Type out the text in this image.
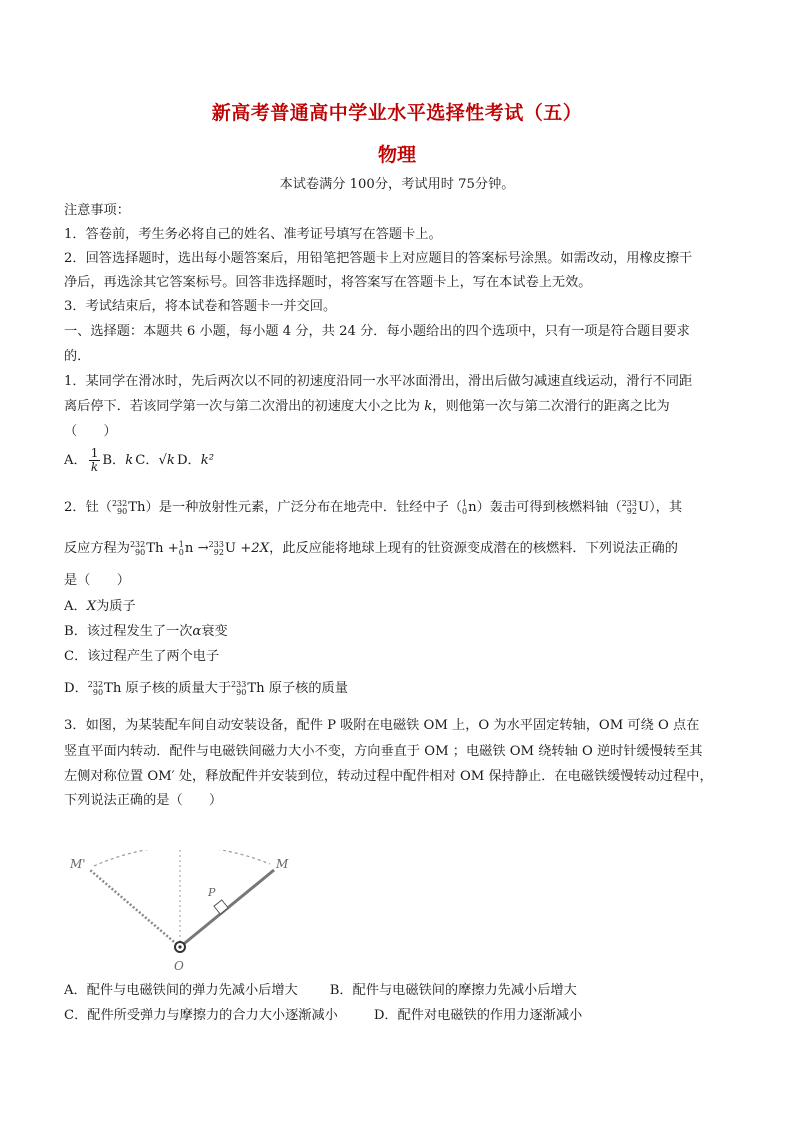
新高考普通高中学业水平选择性考试（五）
物理
本试卷满分 100分，考试用时 75分钟。
注意事项：
1．答卷前，考生务必将自己的姓名、准考证号填写在答题卡上。
2．回答选择题时，选出每小题答案后，用铅笔把答题卡上对应题目的答案标号涂黑。如需改动，用橡皮擦干
净后，再选涂其它答案标号。回答非选择题时，将答案写在答题卡上，写在本试卷上无效。
3．考试结束后，将本试卷和答题卡一并交回。
一、选择题：本题共 6 小题，每小题 4 分，共 24 分．每小题给出的四个选项中，只有一项是符合题目要求
的．
1．某同学在滑冰时，先后两次以不同的初速度沿同一水平冰面滑出，滑出后做匀减速直线运动，滑行不同距
离后停下．若该同学第一次与第二次滑出的初速度大小之比为 k，则他第一次与第二次滑行的距离之比为
（　　）
A． $\frac{1}{k}$ B．k C．√k D．k²
2．钍（ 232
90 Th）是一种放射性元素，广泛分布在地壳中．钍经中子（ 1
0 n）轰击可得到核燃料铀（ 233
92 U），其
反应方程为 232
90 Th + 1
0 n → 233
92 U +2X，此反应能将地球上现有的钍资源变成潜在的核燃料．下列说法正确的
是（　　）
A．X为质子
B．该过程发生了一次α衰变
C．该过程产生了两个电子
D． 232
90 Th 原子核的质量大于 233
90 Th 原子核的质量
3．如图，为某装配车间自动安装设备，配件 P 吸附在电磁铁 OM 上，O 为水平固定转轴，OM 可绕 O 点在
竖直平面内转动．配件与电磁铁间磁力大小不变，方向垂直于 OM ；电磁铁 OM 绕转轴 O 逆时针缓慢转至其
左侧对称位置 OM′ 处，释放配件并安装到位，转动过程中配件相对 OM 保持静止．在电磁铁缓慢转动过程中，
下列说法正确的是（　　）
M'	M
P
O
A．配件与电磁铁间的弹力先减小后增大 B．配件与电磁铁间的摩擦力先减小后增大
C．配件所受弹力与摩擦力的合力大小逐渐减小	D．配件对电磁铁的作用力逐渐减小
